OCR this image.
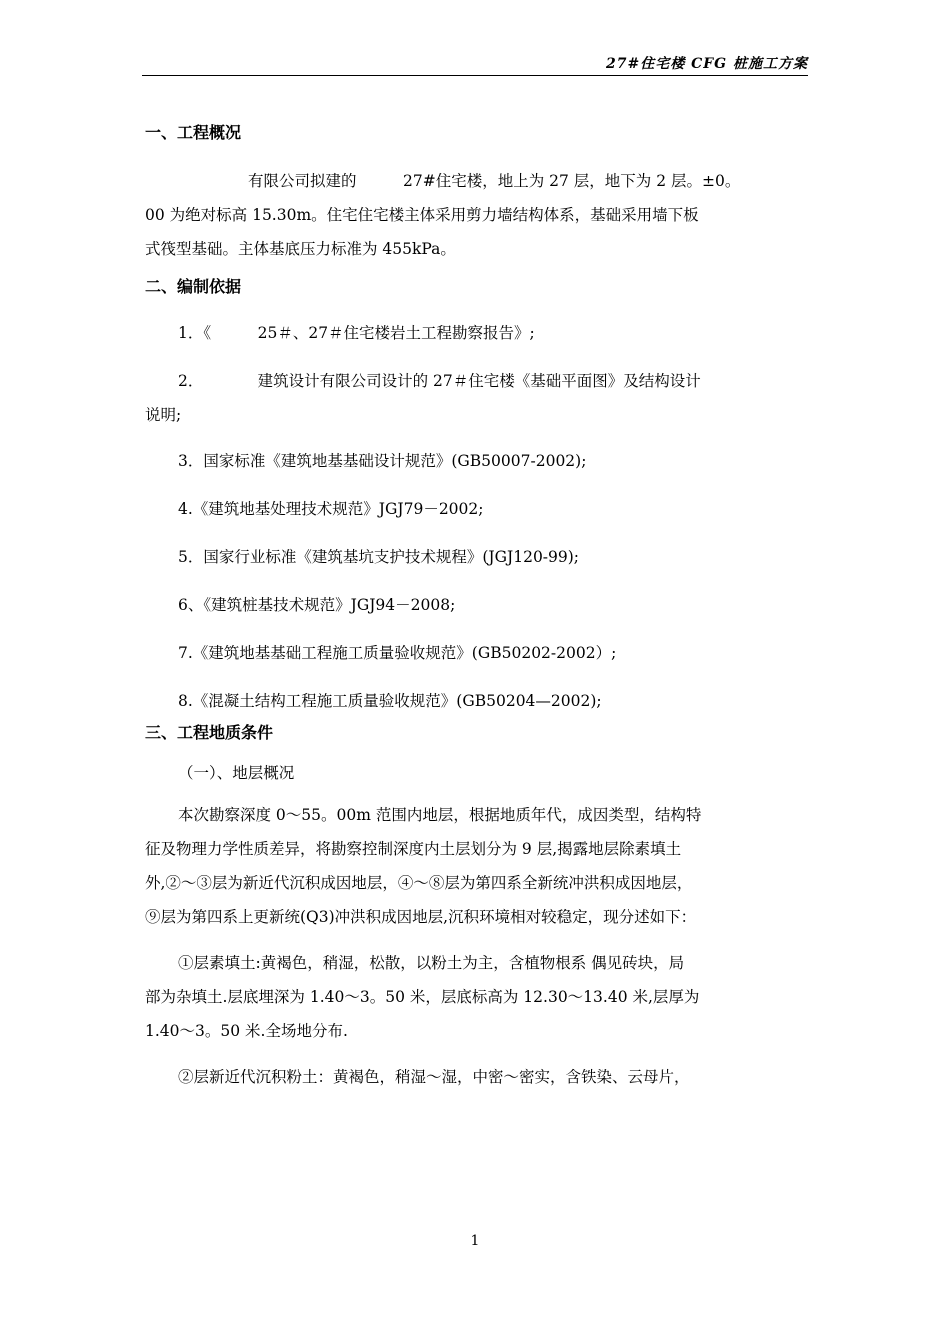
27#住宅楼 CFG 桩施工方案

一、工程概况

有限公司拟建的　　　27#住宅楼，地上为 27 层，地下为 2 层。±0。

00 为绝对标高 15.30m。住宅住宅楼主体采用剪力墙结构体系，基础采用墙下板

式筏型基础。主体基底压力标准为 455kPa。

二、编制依据

1．《　　　25＃、27＃住宅楼岩土工程勘察报告》;

2．　　　　建筑设计有限公司设计的 27＃住宅楼《基础平面图》及结构设计

说明;

3．国家标准《建筑地基基础设计规范》(GB50007-2002);

4.《建筑地基处理技术规范》JGJ79－2002;

5．国家行业标准《建筑基坑支护技术规程》(JGJ120-99);

6、《建筑桩基技术规范》JGJ94－2008;

7.《建筑地基基础工程施工质量验收规范》(GB50202-2002）;

8.《混凝土结构工程施工质量验收规范》(GB50204—2002);

三、工程地质条件

（一）、地层概况

本次勘察深度 0～55。00m 范围内地层，根据地质年代，成因类型，结构特

征及物理力学性质差异，将勘察控制深度内土层划分为 9 层,揭露地层除素填土

外,②～③层为新近代沉积成因地层，④～⑧层为第四系全新统冲洪积成因地层，

⑨层为第四系上更新统(Q3)冲洪积成因地层,沉积环境相对较稳定，现分述如下：

①层素填土:黄褐色，稍湿，松散，以粉土为主，含植物根系 偶见砖块，局

部为杂填土.层底埋深为 1.40～3。50 米，层底标高为 12.30～13.40 米,层厚为

1.40～3。50 米.全场地分布.

②层新近代沉积粉土：黄褐色，稍湿～湿，中密～密实，含铁染、云母片，

1
